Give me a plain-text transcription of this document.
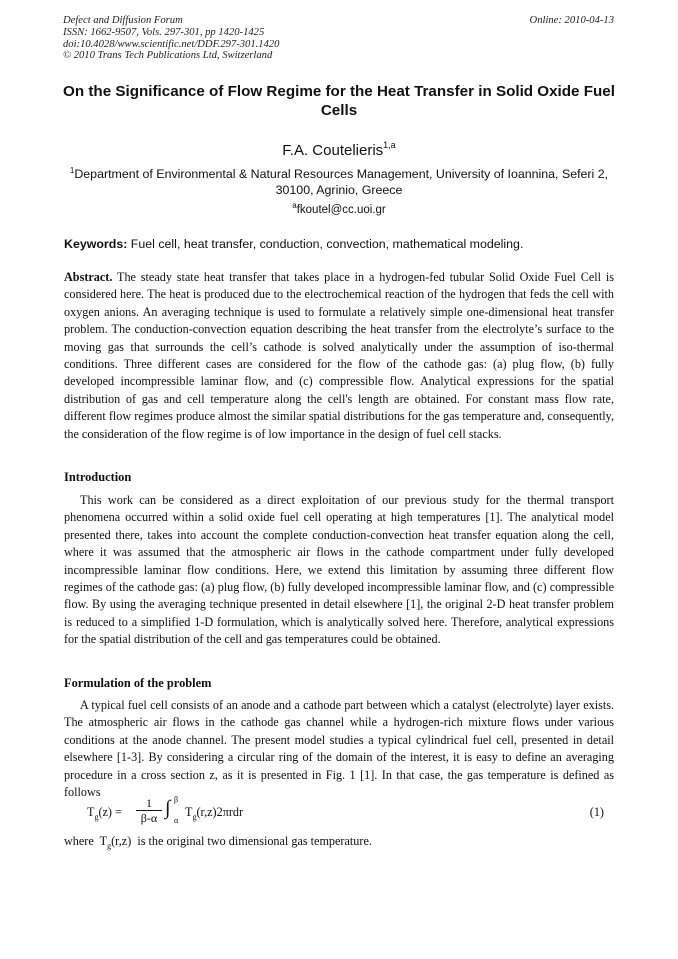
Defect and Diffusion Forum
ISSN: 1662-9507, Vols. 297-301, pp 1420-1425
doi:10.4028/www.scientific.net/DDF.297-301.1420
© 2010 Trans Tech Publications Ltd, Switzerland
Online: 2010-04-13
On the Significance of Flow Regime for the Heat Transfer in Solid Oxide Fuel Cells
F.A. Coutelieris$^{1,a}$
$^1$Department of Environmental & Natural Resources Management, University of Ioannina, Seferi 2, 30100, Agrinio, Greece
$^a$fkoutel@cc.uoi.gr
Keywords: Fuel cell, heat transfer, conduction, convection, mathematical modeling.
Abstract. The steady state heat transfer that takes place in a hydrogen-fed tubular Solid Oxide Fuel Cell is considered here. The heat is produced due to the electrochemical reaction of the hydrogen that feds the cell with oxygen anions. An averaging technique is used to formulate a relatively simple one-dimensional heat transfer problem. The conduction-convection equation describing the heat transfer from the electrolyte’s surface to the moving gas that surrounds the cell’s cathode is solved analytically under the assumption of iso-thermal conditions. Three different cases are considered for the flow of the cathode gas: (a) plug flow, (b) fully developed incompressible laminar flow, and (c) compressible flow. Analytical expressions for the spatial distribution of gas and cell temperature along the cell's length are obtained. For constant mass flow rate, different flow regimes produce almost the similar spatial distributions for the gas temperature and, consequently, the consideration of the flow regime is of low importance in the design of fuel cell stacks.
Introduction
This work can be considered as a direct exploitation of our previous study for the thermal transport phenomena occurred within a solid oxide fuel cell operating at high temperatures [1]. The analytical model presented there, takes into account the complete conduction-convection heat transfer equation along the cell, where it was assumed that the atmospheric air flows in the cathode compartment under fully developed incompressible laminar flow conditions. Here, we extend this limitation by assuming three different flow regimes of the cathode gas: (a) plug flow, (b) fully developed incompressible laminar flow, and (c) compressible flow. By using the averaging technique presented in detail elsewhere [1], the original 2-D heat transfer problem is reduced to a simplified 1-D formulation, which is analytically solved here. Therefore, analytical expressions for the spatial distribution of the cell and gas temperatures could be obtained.
Formulation of the problem
A typical fuel cell consists of an anode and a cathode part between which a catalyst (electrolyte) layer exists. The atmospheric air flows in the cathode gas channel while a hydrogen-rich mixture flows under various conditions at the anode channel. The present model studies a typical cylindrical fuel cell, presented in detail elsewhere [1-3]. By considering a circular ring of the domain of the interest, it is easy to define an averaging procedure in a cross section z, as it is presented in Fig. 1 [1]. In that case, the gas temperature is defined as follows
$T_g(z)$ =
1
β-α ∫ β
α
$T_g(r,z)2\pi rdr$	(1)
where  $T_g(r,z)$  is the original two dimensional gas temperature.
